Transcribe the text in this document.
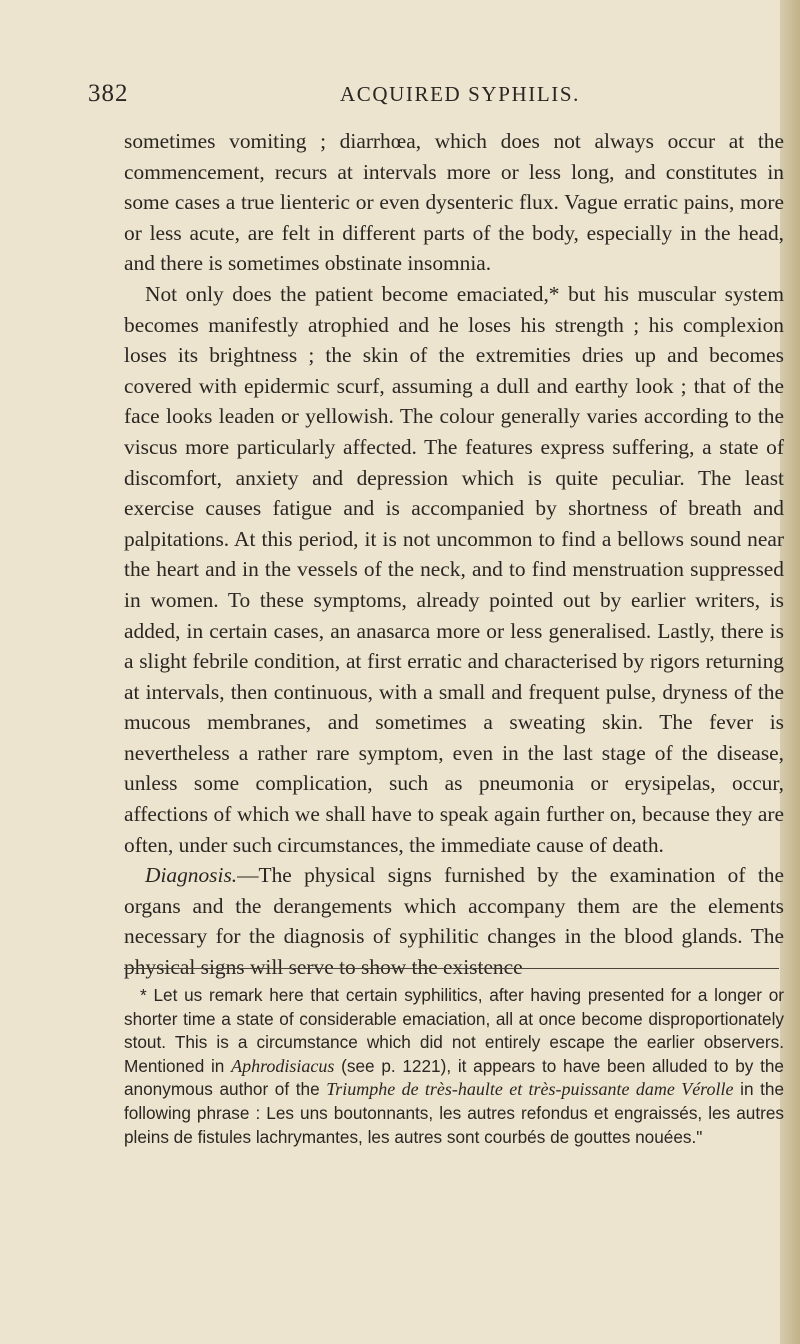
382	ACQUIRED SYPHILIS.

sometimes vomiting ; diarrhœa, which does not always occur at the commencement, recurs at intervals more or less long, and constitutes in some cases a true lienteric or even dysenteric flux. Vague erratic pains, more or less acute, are felt in different parts of the body, especially in the head, and there is sometimes obstinate insomnia.

Not only does the patient become emaciated,* but his muscular system becomes manifestly atrophied and he loses his strength ; his complexion loses its brightness ; the skin of the extremities dries up and becomes covered with epidermic scurf, assuming a dull and earthy look ; that of the face looks leaden or yellowish. The colour generally varies according to the viscus more particularly affected. The features express suffering, a state of discomfort, anxiety and depression which is quite peculiar. The least exercise causes fatigue and is accompanied by shortness of breath and palpitations. At this period, it is not uncommon to find a bellows sound near the heart and in the vessels of the neck, and to find menstruation suppressed in women. To these symptoms, already pointed out by earlier writers, is added, in certain cases, an anasarca more or less generalised. Lastly, there is a slight febrile condition, at first erratic and characterised by rigors returning at intervals, then continuous, with a small and frequent pulse, dryness of the mucous membranes, and sometimes a sweating skin. The fever is nevertheless a rather rare symptom, even in the last stage of the disease, unless some complication, such as pneumonia or erysipelas, occur, affections of which we shall have to speak again further on, because they are often, under such circumstances, the immediate cause of death.

Diagnosis.—The physical signs furnished by the examination of the organs and the derangements which accompany them are the elements necessary for the diagnosis of syphilitic changes in the blood glands. The physical signs will serve to show the existence

* Let us remark here that certain syphilitics, after having presented for a longer or shorter time a state of considerable emaciation, all at once become disproportionately stout. This is a circumstance which did not entirely escape the earlier observers. Mentioned in Aphrodisiacus (see p. 1221), it appears to have been alluded to by the anonymous author of the Triumphe de très-haulte et très-puissante dame Vérolle in the following phrase : Les uns boutonnants, les autres refondus et engraissés, les autres pleins de fistules lachrymantes, les autres sont courbés de gouttes nouées."
